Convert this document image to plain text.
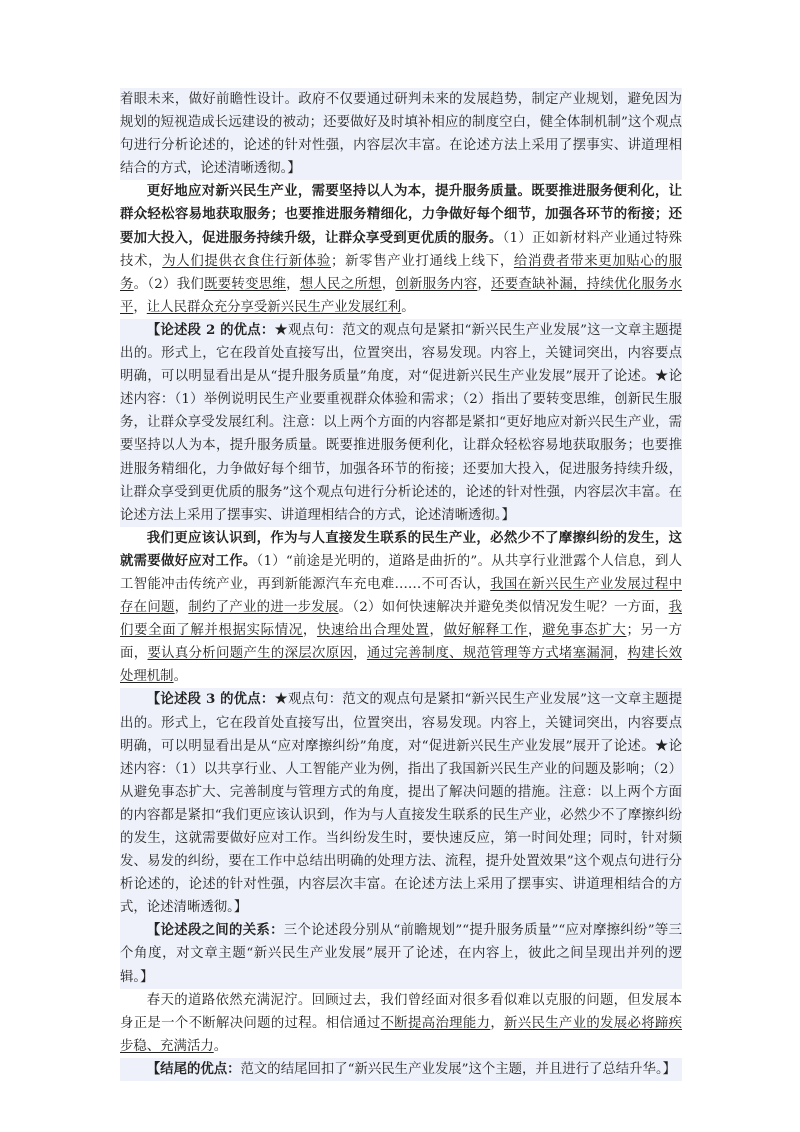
着眼未来，做好前瞻性设计。政府不仅要通过研判未来的发展趋势，制定产业规划，避免因为规划的短视造成长远建设的被动；还要做好及时填补相应的制度空白，健全体制机制”这个观点句进行分析论述的，论述的针对性强，内容层次丰富。在论述方法上采用了摆事实、讲道理相结合的方式，论述清晰透彻。】

更好地应对新兴民生产业，需要坚持以人为本，提升服务质量。既要推进服务便利化，让群众轻松容易地获取服务；也要推进服务精细化，力争做好每个细节，加强各环节的衔接；还要加大投入，促进服务持续升级，让群众享受到更优质的服务。（1）正如新材料产业通过特殊技术，为人们提供衣食住行新体验；新零售产业打通线上线下，给消费者带来更加贴心的服务。（2）我们既要转变思维，想人民之所想，创新服务内容，还要查缺补漏，持续优化服务水平，让人民群众充分享受新兴民生产业发展红利。

【论述段 2 的优点：★观点句：范文的观点句是紧扣“新兴民生产业发展”这一文章主题提出的。形式上，它在段首处直接写出，位置突出，容易发现。内容上，关键词突出，内容要点明确，可以明显看出是从“提升服务质量”角度，对“促进新兴民生产业发展”展开了论述。★论述内容：（1）举例说明民生产业要重视群众体验和需求；（2）指出了要转变思维，创新民生服务，让群众享受发展红利。注意：以上两个方面的内容都是紧扣“更好地应对新兴民生产业，需要坚持以人为本，提升服务质量。既要推进服务便利化，让群众轻松容易地获取服务；也要推进服务精细化，力争做好每个细节，加强各环节的衔接；还要加大投入，促进服务持续升级，让群众享受到更优质的服务”这个观点句进行分析论述的，论述的针对性强，内容层次丰富。在论述方法上采用了摆事实、讲道理相结合的方式，论述清晰透彻。】

我们更应该认识到，作为与人直接发生联系的民生产业，必然少不了摩擦纠纷的发生，这就需要做好应对工作。（1）“前途是光明的，道路是曲折的”。从共享行业泄露个人信息，到人工智能冲击传统产业，再到新能源汽车充电难……不可否认，我国在新兴民生产业发展过程中存在问题，制约了产业的进一步发展。（2）如何快速解决并避免类似情况发生呢？一方面，我们要全面了解并根据实际情况，快速给出合理处置，做好解释工作，避免事态扩大；另一方面，要认真分析问题产生的深层次原因，通过完善制度、规范管理等方式堵塞漏洞，构建长效处理机制。

【论述段 3 的优点：★观点句：范文的观点句是紧扣“新兴民生产业发展”这一文章主题提出的。形式上，它在段首处直接写出，位置突出，容易发现。内容上，关键词突出，内容要点明确，可以明显看出是从“应对摩擦纠纷”角度，对“促进新兴民生产业发展”展开了论述。★论述内容：（1）以共享行业、人工智能产业为例，指出了我国新兴民生产业的问题及影响；（2）从避免事态扩大、完善制度与管理方式的角度，提出了解决问题的措施。注意：以上两个方面的内容都是紧扣“我们更应该认识到，作为与人直接发生联系的民生产业，必然少不了摩擦纠纷的发生，这就需要做好应对工作。当纠纷发生时，要快速反应，第一时间处理；同时，针对频发、易发的纠纷，要在工作中总结出明确的处理方法、流程，提升处置效果”这个观点句进行分析论述的，论述的针对性强，内容层次丰富。在论述方法上采用了摆事实、讲道理相结合的方式，论述清晰透彻。】

【论述段之间的关系：三个论述段分别从“前瞻规划”“提升服务质量”“应对摩擦纠纷”等三个角度，对文章主题“新兴民生产业发展”展开了论述，在内容上，彼此之间呈现出并列的逻辑。】

春天的道路依然充满泥泞。回顾过去，我们曾经面对很多看似难以克服的问题，但发展本身正是一个不断解决问题的过程。相信通过不断提高治理能力，新兴民生产业的发展必将蹄疾步稳、充满活力。

【结尾的优点：范文的结尾回扣了“新兴民生产业发展”这个主题，并且进行了总结升华。】
